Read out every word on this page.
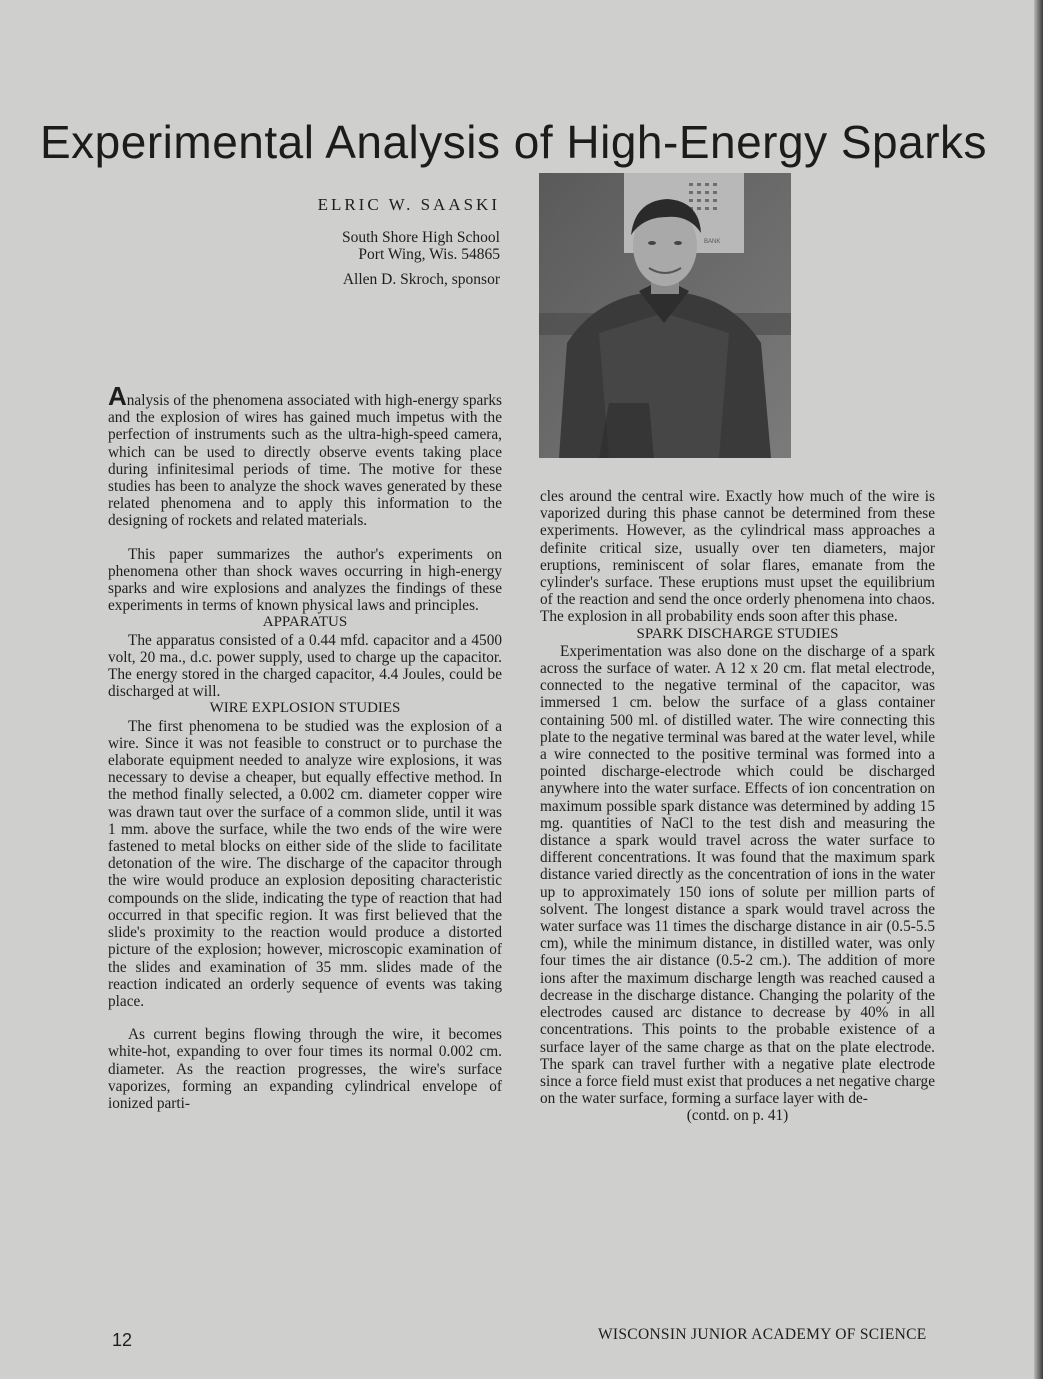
Experimental Analysis of High-Energy Sparks
ELRIC W. SAASKI
South Shore High School
Port Wing, Wis. 54865
Allen D. Skroch, sponsor
BANK

Analysis of the phenomena associated with high-energy sparks and the explosion of wires has gained much impetus with the perfection of instruments such as the ultra-high-speed camera, which can be used to directly observe events taking place during infinitesimal periods of time. The motive for these studies has been to analyze the shock waves generated by these related phenomena and to apply this information to the designing of rockets and related materials.

This paper summarizes the author's experiments on phenomena other than shock waves occurring in high-energy sparks and wire explosions and analyzes the findings of these experiments in terms of known physical laws and principles.

APPARATUS

The apparatus consisted of a 0.44 mfd. capacitor and a 4500 volt, 20 ma., d.c. power supply, used to charge up the capacitor. The energy stored in the charged capacitor, 4.4 Joules, could be discharged at will.

WIRE EXPLOSION STUDIES

The first phenomena to be studied was the explosion of a wire. Since it was not feasible to construct or to purchase the elaborate equipment needed to analyze wire explosions, it was necessary to devise a cheaper, but equally effective method. In the method finally selected, a 0.002 cm. diameter copper wire was drawn taut over the surface of a common slide, until it was 1 mm. above the surface, while the two ends of the wire were fastened to metal blocks on either side of the slide to facilitate detonation of the wire. The discharge of the capacitor through the wire would produce an explosion depositing characteristic compounds on the slide, indicating the type of reaction that had occurred in that specific region. It was first believed that the slide's proximity to the reaction would produce a distorted picture of the explosion; however, microscopic examination of the slides and examination of 35 mm. slides made of the reaction indicated an orderly sequence of events was taking place.

As current begins flowing through the wire, it becomes white-hot, expanding to over four times its normal 0.002 cm. diameter. As the reaction progresses, the wire's surface vaporizes, forming an expanding cylindrical envelope of ionized parti-

cles around the central wire. Exactly how much of the wire is vaporized during this phase cannot be determined from these experiments. However, as the cylindrical mass approaches a definite critical size, usually over ten diameters, major eruptions, reminiscent of solar flares, emanate from the cylinder's surface. These eruptions must upset the equilibrium of the reaction and send the once orderly phenomena into chaos. The explosion in all probability ends soon after this phase.

SPARK DISCHARGE STUDIES

Experimentation was also done on the discharge of a spark across the surface of water. A 12 x 20 cm. flat metal electrode, connected to the negative terminal of the capacitor, was immersed 1 cm. below the surface of a glass container containing 500 ml. of distilled water. The wire connecting this plate to the negative terminal was bared at the water level, while a wire connected to the positive terminal was formed into a pointed discharge-electrode which could be discharged anywhere into the water surface. Effects of ion concentration on maximum possible spark distance was determined by adding 15 mg. quantities of NaCl to the test dish and measuring the distance a spark would travel across the water surface to different concentrations. It was found that the maximum spark distance varied directly as the concentration of ions in the water up to approximately 150 ions of solute per million parts of solvent. The longest distance a spark would travel across the water surface was 11 times the discharge distance in air (0.5-5.5 cm), while the minimum distance, in distilled water, was only four times the air distance (0.5-2 cm.). The addition of more ions after the maximum discharge length was reached caused a decrease in the discharge distance. Changing the polarity of the electrodes caused arc distance to decrease by 40% in all concentrations. This points to the probable existence of a surface layer of the same charge as that on the plate electrode. The spark can travel further with a negative plate electrode since a force field must exist that produces a net negative charge on the water surface, forming a surface layer with de-

(contd. on p. 41)

12	WISCONSIN JUNIOR ACADEMY OF SCIENCE
